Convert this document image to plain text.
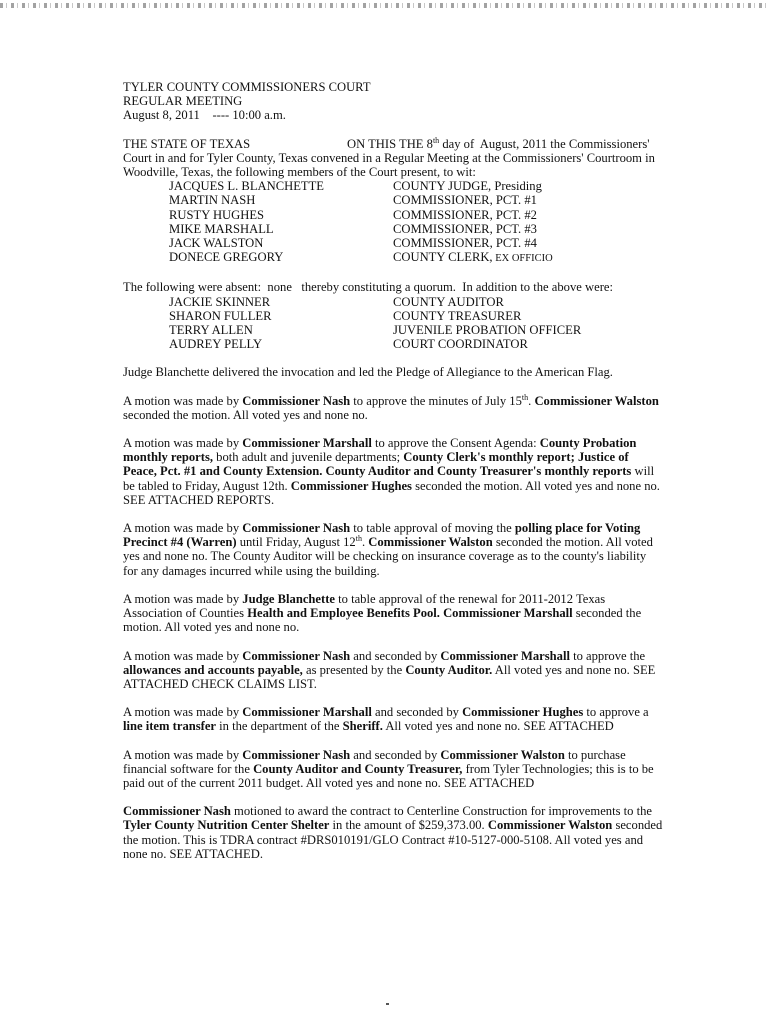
TYLER COUNTY COMMISSIONERS COURT
REGULAR MEETING
August 8, 2011    ---- 10:00 a.m.

THE STATE OF TEXAS	ON THIS THE 8th day of  August, 2011 the Commissioners' Court in and for Tyler County, Texas convened in a Regular Meeting at the Commissioners' Courtroom in Woodville, Texas, the following members of the Court present, to wit:

JACQUES L. BLANCHETTE	COUNTY JUDGE, Presiding
MARTIN NASH	COMMISSIONER, PCT. #1
RUSTY HUGHES	COMMISSIONER, PCT. #2
MIKE MARSHALL	COMMISSIONER, PCT. #3
JACK WALSTON	COMMISSIONER, PCT. #4
DONECE GREGORY	COUNTY CLERK, EX OFFICIO

The following were absent:  none   thereby constituting a quorum.  In addition to the above were:

JACKIE SKINNER	COUNTY AUDITOR
SHARON FULLER	COUNTY TREASURER
TERRY ALLEN	JUVENILE PROBATION OFFICER
AUDREY PELLY	COURT COORDINATOR

Judge Blanchette delivered the invocation and led the Pledge of Allegiance to the American Flag.

A motion was made by Commissioner Nash to approve the minutes of July 15th. Commissioner Walston seconded the motion. All voted yes and none no.

A motion was made by Commissioner Marshall to approve the Consent Agenda: County Probation monthly reports, both adult and juvenile departments; County Clerk's monthly report; Justice of Peace, Pct. #1 and County Extension. County Auditor and County Treasurer's monthly reports will be tabled to Friday, August 12th. Commissioner Hughes seconded the motion. All voted yes and none no. SEE ATTACHED REPORTS.

A motion was made by Commissioner Nash to table approval of moving the polling place for Voting Precinct #4 (Warren) until Friday, August 12th. Commissioner Walston seconded the motion. All voted yes and none no. The County Auditor will be checking on insurance coverage as to the county's liability for any damages incurred while using the building.

A motion was made by Judge Blanchette to table approval of the renewal for 2011-2012 Texas Association of Counties Health and Employee Benefits Pool. Commissioner Marshall seconded the motion. All voted yes and none no.

A motion was made by Commissioner Nash and seconded by Commissioner Marshall to approve the allowances and accounts payable, as presented by the County Auditor. All voted yes and none no. SEE ATTACHED CHECK CLAIMS LIST.

A motion was made by Commissioner Marshall and seconded by Commissioner Hughes to approve a line item transfer in the department of the Sheriff. All voted yes and none no. SEE ATTACHED

A motion was made by Commissioner Nash and seconded by Commissioner Walston to purchase financial software for the County Auditor and County Treasurer, from Tyler Technologies; this is to be paid out of the current 2011 budget. All voted yes and none no. SEE ATTACHED

Commissioner Nash motioned to award the contract to Centerline Construction for improvements to the Tyler County Nutrition Center Shelter in the amount of $259,373.00. Commissioner Walston seconded the motion. This is TDRA contract #DRS010191/GLO Contract #10-5127-000-5108. All voted yes and none no. SEE ATTACHED.
